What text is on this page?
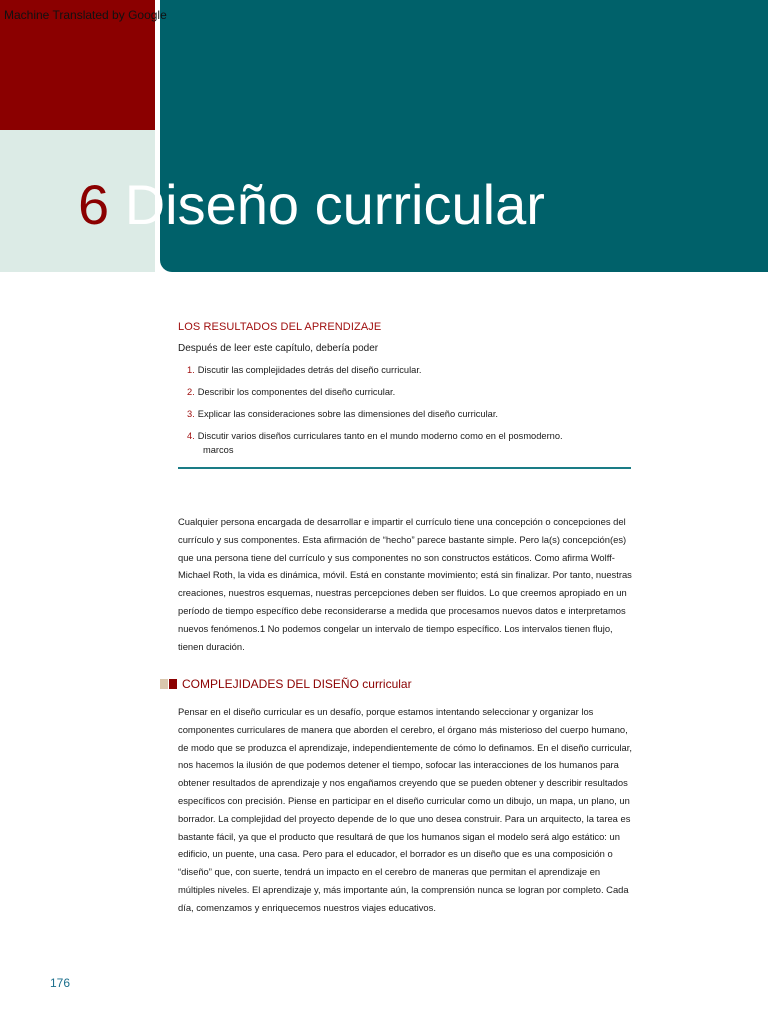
Machine Translated by Google
6 Diseño curricular

LOS RESULTADOS DEL APRENDIZAJE

Después de leer este capítulo, debería poder

1. Discutir las complejidades detrás del diseño curricular.
2. Describir los componentes del diseño curricular.
3. Explicar las consideraciones sobre las dimensiones del diseño curricular.
4. Discutir varios diseños curriculares tanto en el mundo moderno como en el posmoderno.
marcos

Cualquier persona encargada de desarrollar e impartir el currículo tiene una concepción o concepciones del currículo y sus componentes. Esta afirmación de “hecho” parece bastante simple. Pero la(s) concepción(es) que una persona tiene del currículo y sus componentes no son constructos estáticos. Como afirma Wolff-Michael Roth, la vida es dinámica, móvil. Está en constante movimiento; está sin finalizar. Por tanto, nuestras creaciones, nuestros esquemas, nuestras percepciones deben ser fluidos. Lo que creemos apropiado en un período de tiempo específico debe reconsiderarse a medida que procesamos nuevos datos e interpretamos nuevos fenómenos.1 No podemos congelar un intervalo de tiempo específico. Los intervalos tienen flujo, tienen duración.

COMPLEJIDADES DEL DISEÑO curricular

Pensar en el diseño curricular es un desafío, porque estamos intentando seleccionar y organizar los componentes curriculares de manera que aborden el cerebro, el órgano más misterioso del cuerpo humano, de modo que se produzca el aprendizaje, independientemente de cómo lo definamos. En el diseño curricular, nos hacemos la ilusión de que podemos detener el tiempo, sofocar las interacciones de los humanos para obtener resultados de aprendizaje y nos engañamos creyendo que se pueden obtener y describir resultados específicos con precisión. Piense en participar en el diseño curricular como un dibujo, un mapa, un plano, un borrador. La complejidad del proyecto depende de lo que uno desea construir. Para un arquitecto, la tarea es bastante fácil, ya que el producto que resultará de que los humanos sigan el modelo será algo estático: un edificio, un puente, una casa. Pero para el educador, el borrador es un diseño que es una composición o “diseño” que, con suerte, tendrá un impacto en el cerebro de maneras que permitan el aprendizaje en múltiples niveles. El aprendizaje y, más importante aún, la comprensión nunca se logran por completo. Cada día, comenzamos y enriquecemos nuestros viajes educativos.

176
